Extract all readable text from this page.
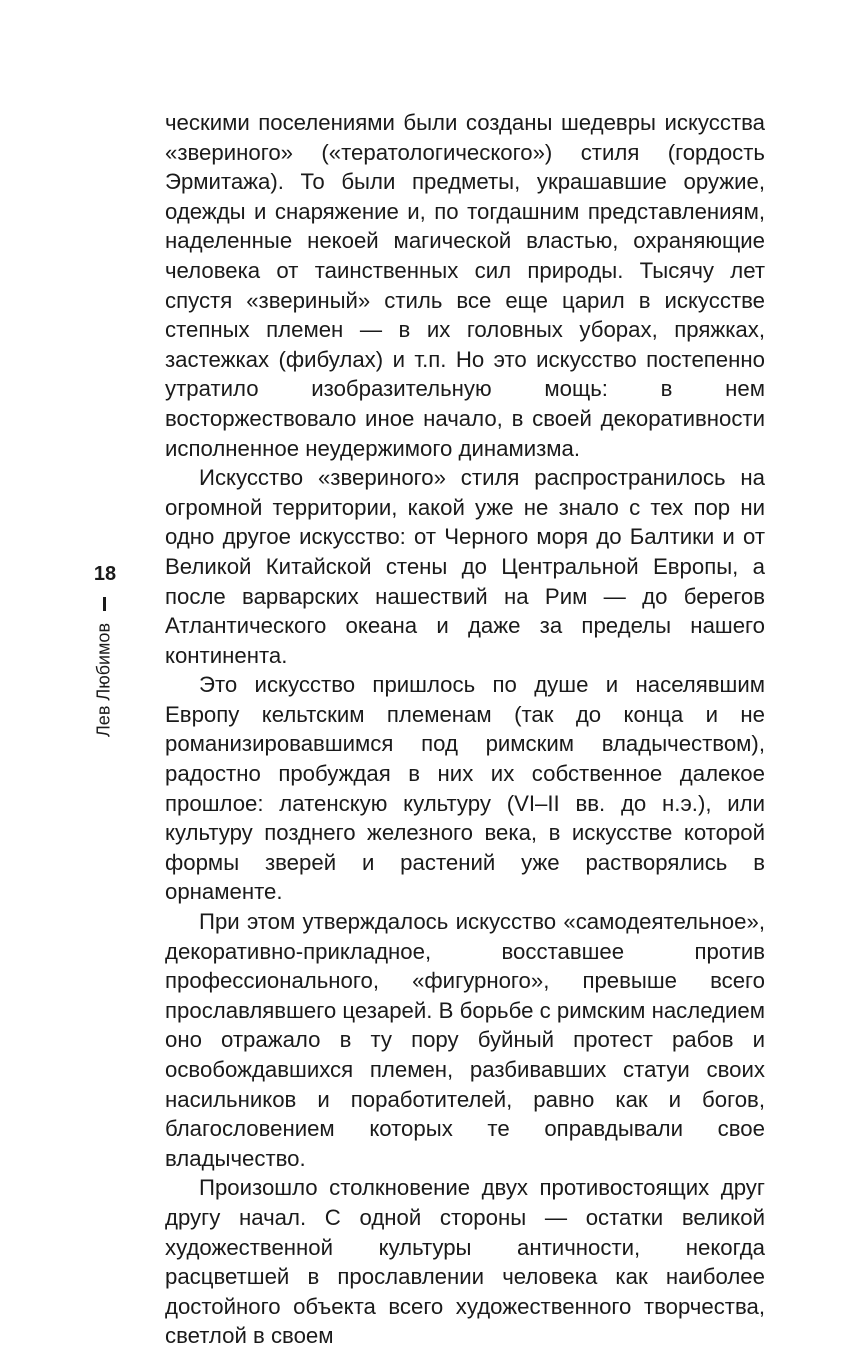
18
Лев Любимов

ческими поселениями были созданы шедевры искусства «звериного» («тератологического») стиля (гордость Эрмитажа). То были предметы, украшавшие оружие, одежды и снаряжение и, по тогдашним представлениям, наделенные некоей магической властью, охраняющие человека от таинственных сил природы. Тысячу лет спустя «звериный» стиль все еще царил в искусстве степных племен — в их головных уборах, пряжках, застежках (фибулах) и т.п. Но это искусство постепенно утратило изобразительную мощь: в нем восторжествовало иное начало, в своей декоративности исполненное неудержимого динамизма.

Искусство «звериного» стиля распространилось на огромной территории, какой уже не знало с тех пор ни одно другое искусство: от Черного моря до Балтики и от Великой Китайской стены до Центральной Европы, а после варварских нашествий на Рим — до берегов Атлантического океана и даже за пределы нашего континента.

Это искусство пришлось по душе и населявшим Европу кельтским племенам (так до конца и не романизировавшимся под римским владычеством), радостно пробуждая в них их собственное далекое прошлое: латенскую культуру (VI–II вв. до н.э.), или культуру позднего железного века, в искусстве которой формы зверей и растений уже растворялись в орнаменте.

При этом утверждалось искусство «самодеятельное», декоративно-прикладное, восставшее против профессионального, «фигурного», превыше всего прославлявшего цезарей. В борьбе с римским наследием оно отражало в ту пору буйный протест рабов и освобождавшихся племен, разбивавших статуи своих насильников и поработителей, равно как и богов, благословением которых те оправдывали свое владычество.

Произошло столкновение двух противостоящих друг другу начал. С одной стороны — остатки великой художественной культуры античности, некогда расцветшей в прославлении человека как наиболее достойного объекта всего художественного творчества, светлой в своем
